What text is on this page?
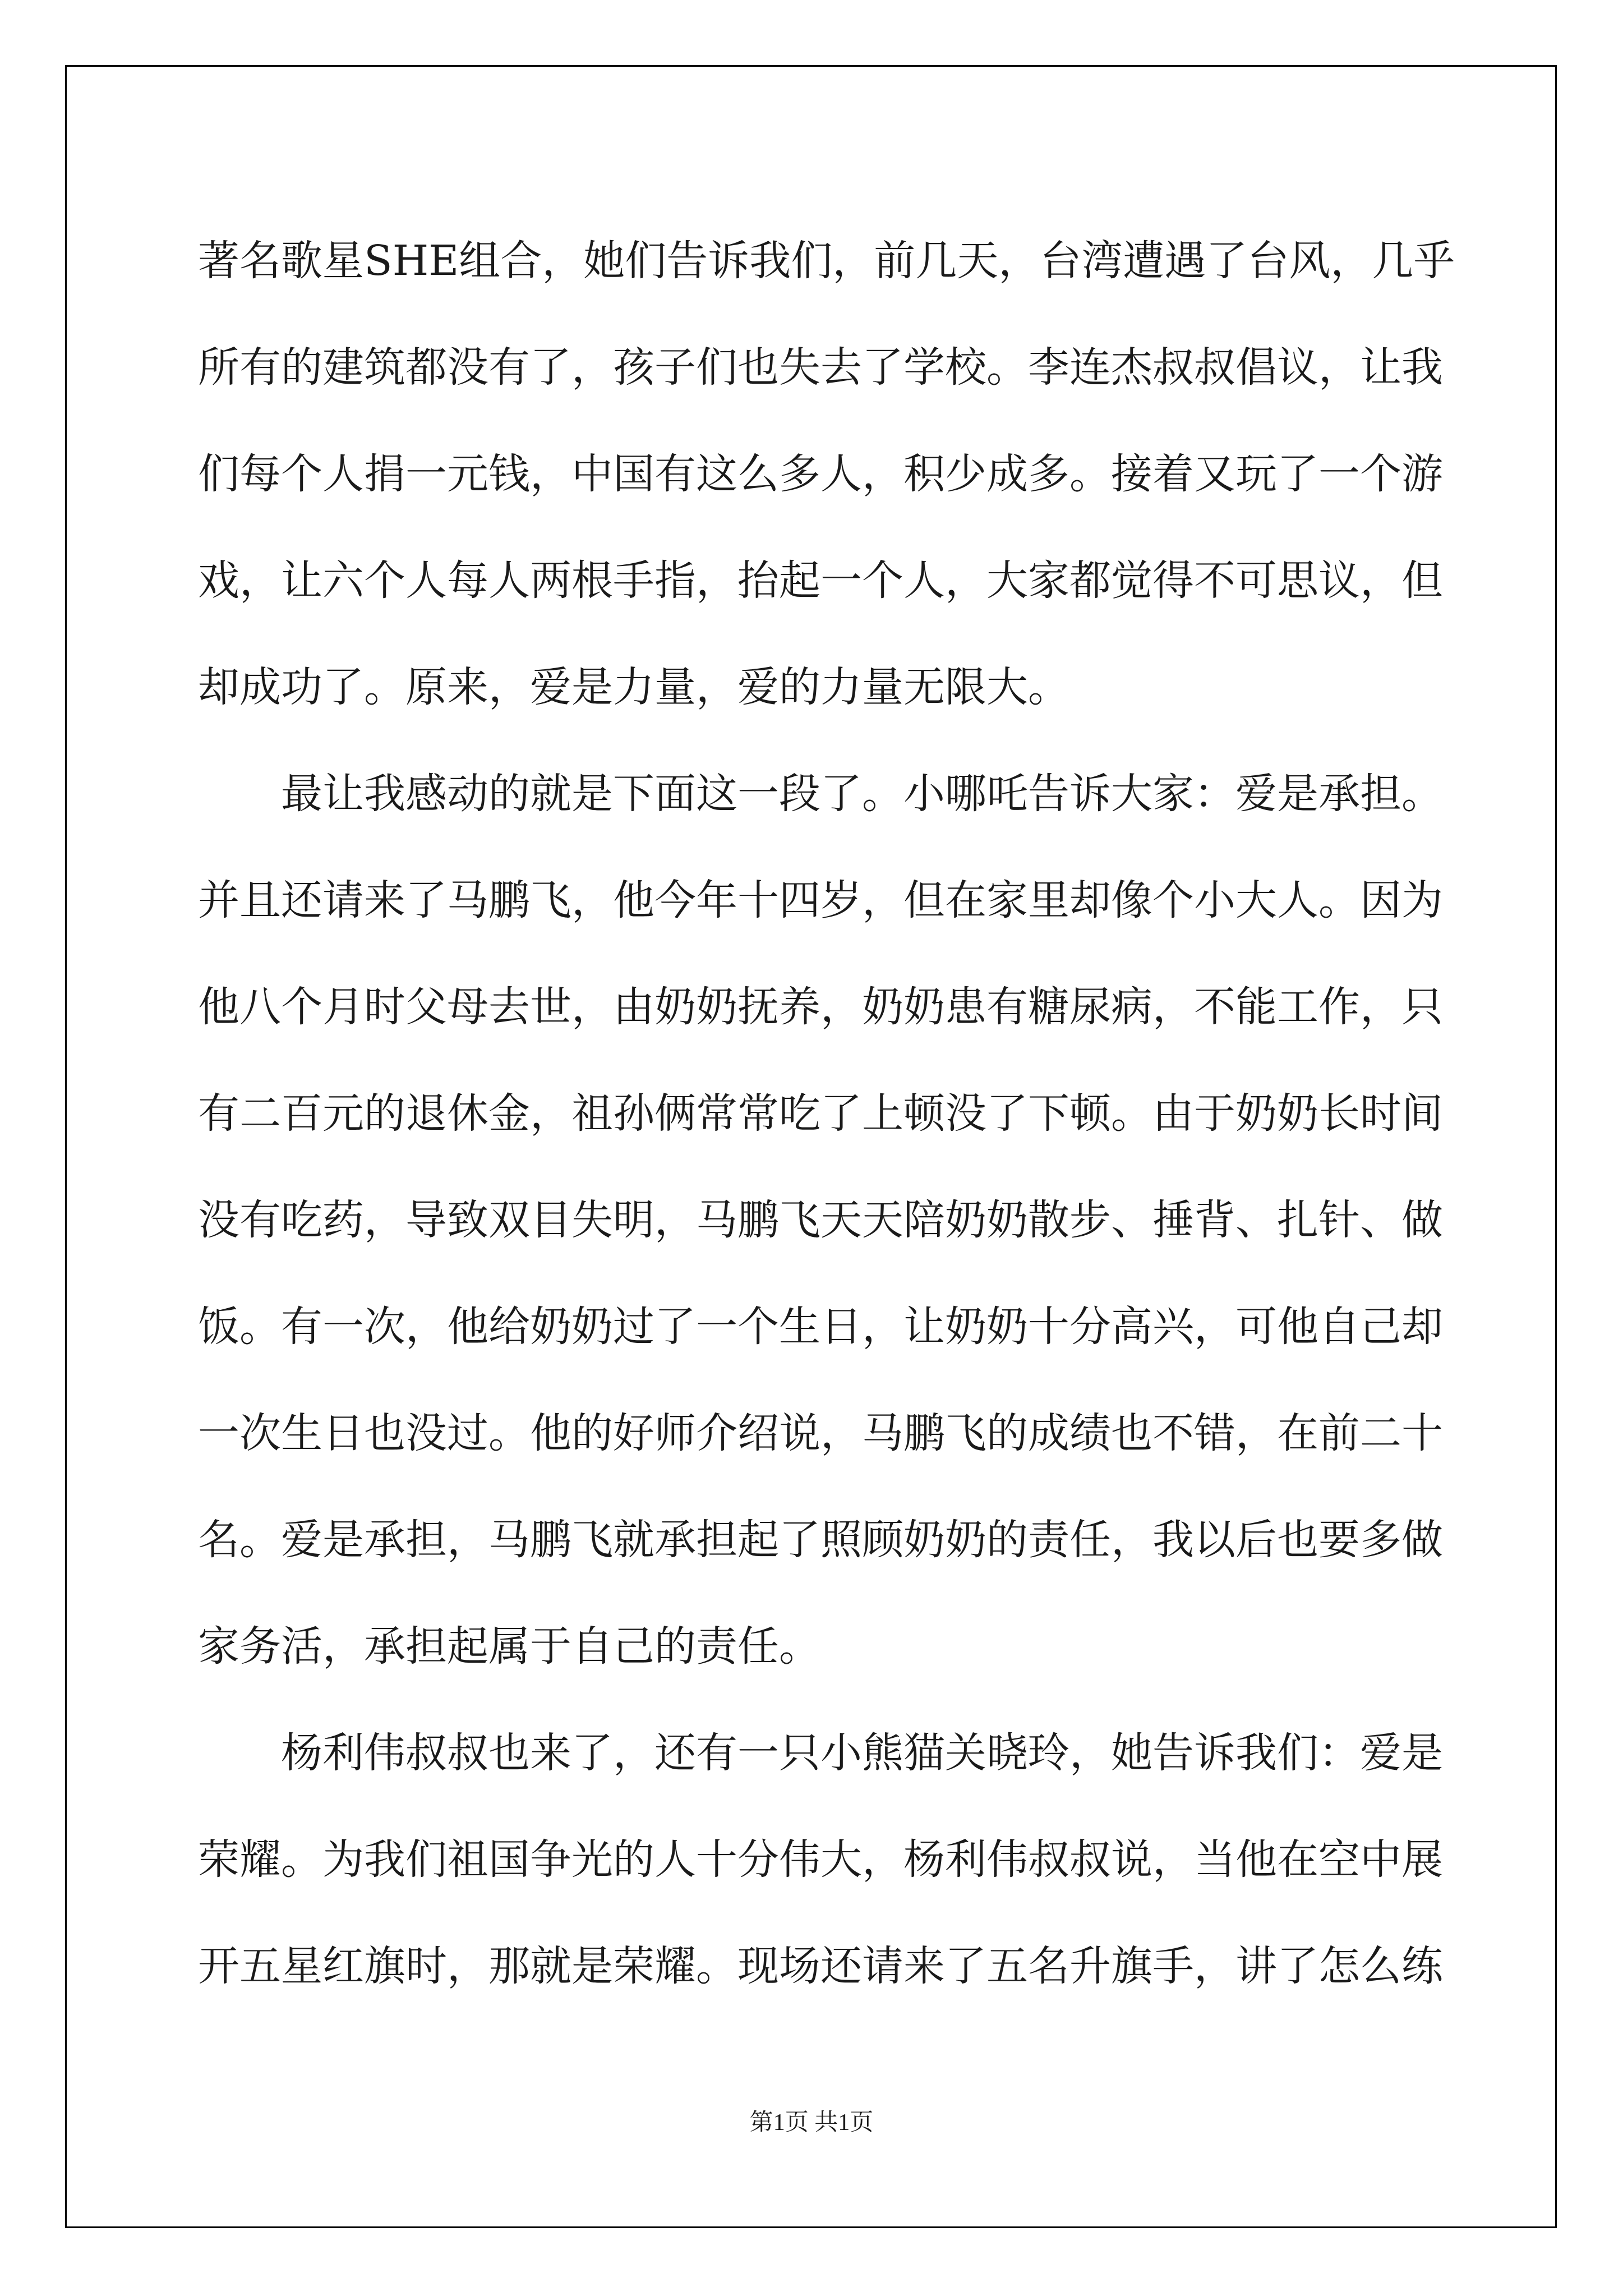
著名歌星SHE组合，她们告诉我们，前几天，台湾遭遇了台风，几乎
所有的建筑都没有了，孩子们也失去了学校。李连杰叔叔倡议，让我
们每个人捐一元钱，中国有这么多人，积少成多。接着又玩了一个游
戏，让六个人每人两根手指，抬起一个人，大家都觉得不可思议，但
却成功了。原来，爱是力量，爱的力量无限大。
最让我感动的就是下面这一段了。小哪吒告诉大家：爱是承担。
并且还请来了马鹏飞，他今年十四岁，但在家里却像个小大人。因为
他八个月时父母去世，由奶奶抚养，奶奶患有糖尿病，不能工作，只
有二百元的退休金，祖孙俩常常吃了上顿没了下顿。由于奶奶长时间
没有吃药，导致双目失明，马鹏飞天天陪奶奶散步、捶背、扎针、做
饭。有一次，他给奶奶过了一个生日，让奶奶十分高兴，可他自己却
一次生日也没过。他的好师介绍说，马鹏飞的成绩也不错，在前二十
名。爱是承担，马鹏飞就承担起了照顾奶奶的责任，我以后也要多做
家务活，承担起属于自己的责任。
杨利伟叔叔也来了，还有一只小熊猫关晓玲，她告诉我们：爱是
荣耀。为我们祖国争光的人十分伟大，杨利伟叔叔说，当他在空中展
开五星红旗时，那就是荣耀。现场还请来了五名升旗手，讲了怎么练
第1页 共1页
